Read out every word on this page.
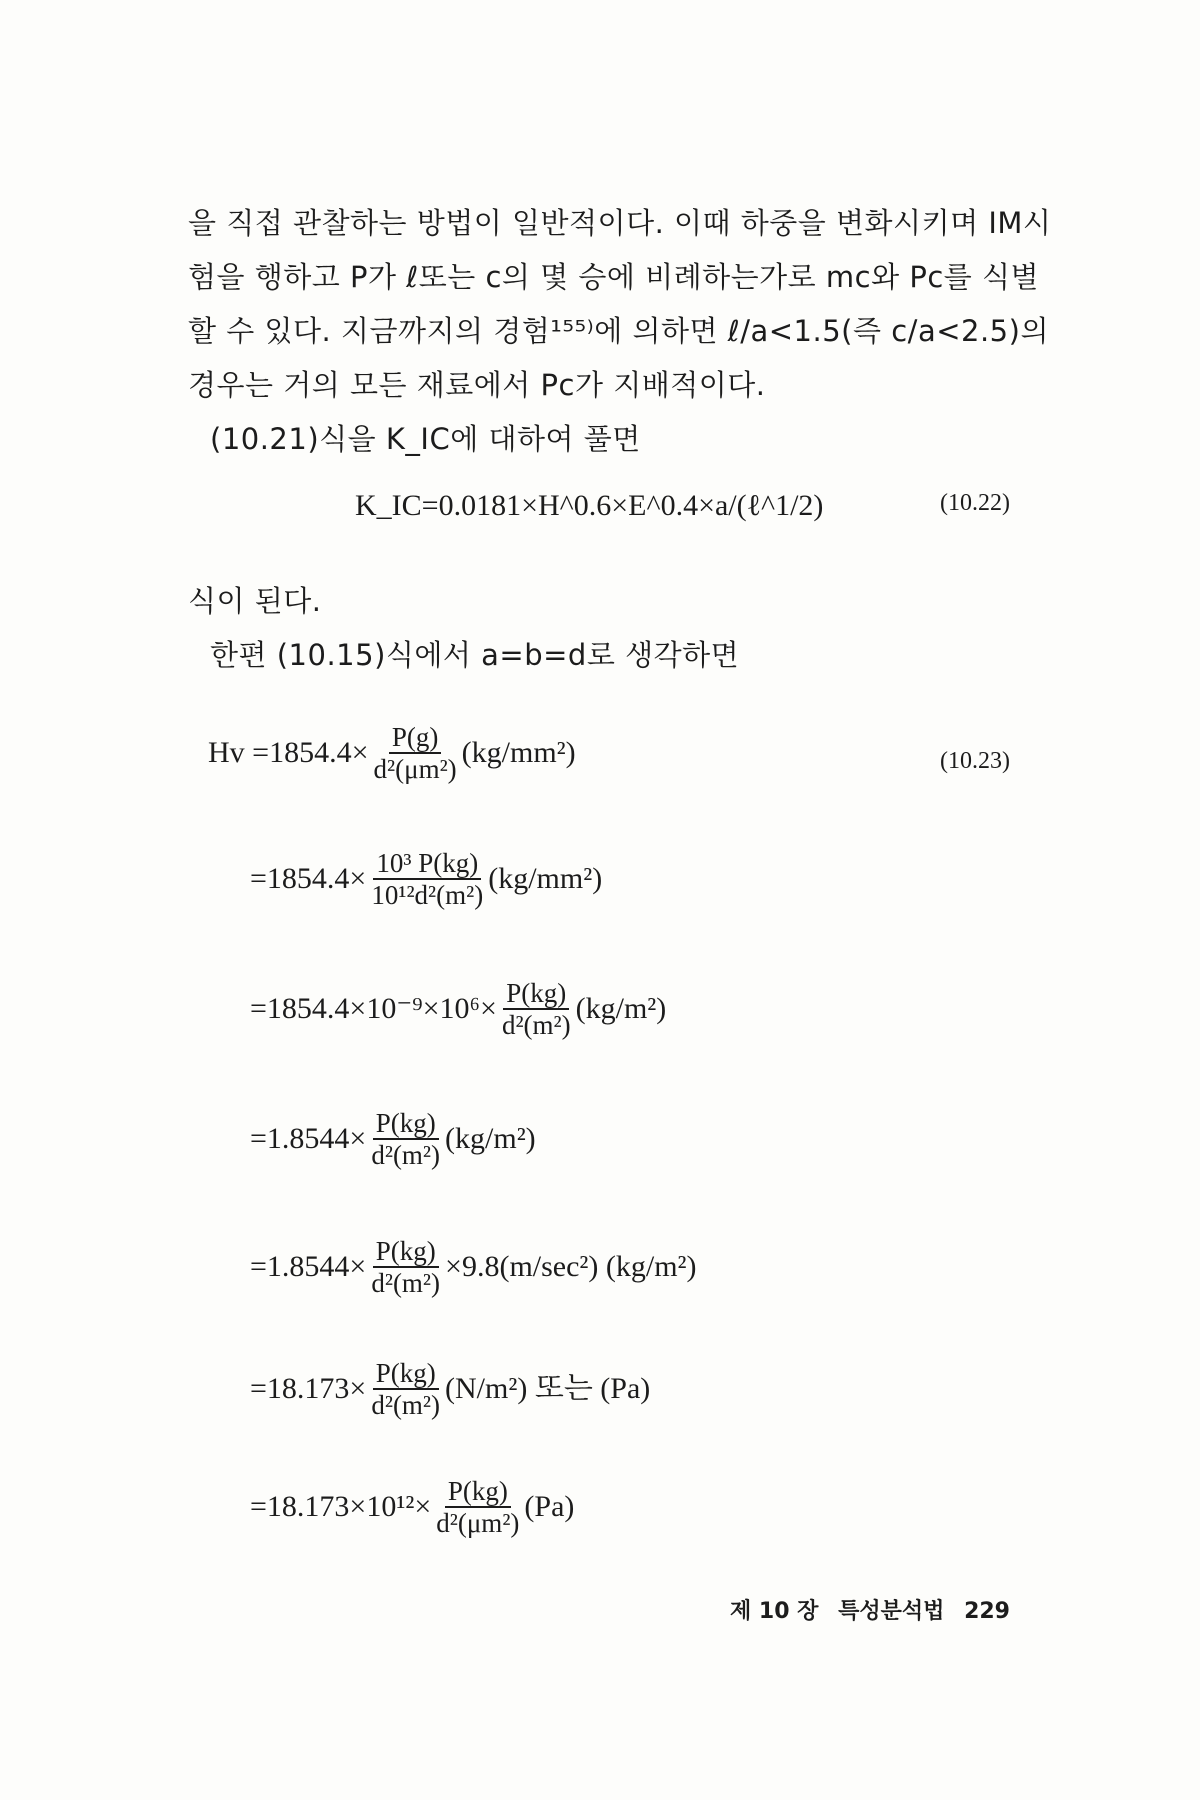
을 직접 관찰하는 방법이 일반적이다. 이때 하중을 변화시키며 IM시
험을 행하고 P가 ℓ또는 c의 몇 승에 비례하는가로 mc와 Pc를 식별
할 수 있다. 지금까지의 경험¹⁵⁵⁾에 의하면 ℓ/a<1.5(즉 c/a<2.5)의
경우는 거의 모든 재료에서 Pc가 지배적이다.
(10.21)식을 K_IC에 대하여 풀면
K_IC=0.0181×H^0.6×E^0.4×a/(ℓ^1/2)	(10.22)
식이 된다.
한편 (10.15)식에서 a=b=d로 생각하면
$Hv =1854.4\times \frac{P(g)}{\text{d²(μm²)}} (kg/mm^2)$	(10.23)
$=1854.4\times \frac{\text{10³ P(kg)}}{\text{10¹²d²(m²)}} (kg/mm^2)$
$=1854.4\times 10^{-9}\times 10^6\times \frac{P(kg)}{\text{d²(m²)}} (kg/m^2)$
$=1.8544\times \frac{P(kg)}{\text{d²(m²)}} (kg/m^2)$
$=1.8544\times \frac{P(kg)}{\text{d²(m²)}} \times 9.8(m/\sec^2)$ (kg/m²)
$=18.173\times \frac{P(kg)}{\text{d²(m²)}} (N/m^2)$ 또는 (Pa)
$=18.173\times 10^{12}\times \frac{P(kg)}{\text{d²(μm²)}} (Pa)$
제 10 장 특성분석법 229
